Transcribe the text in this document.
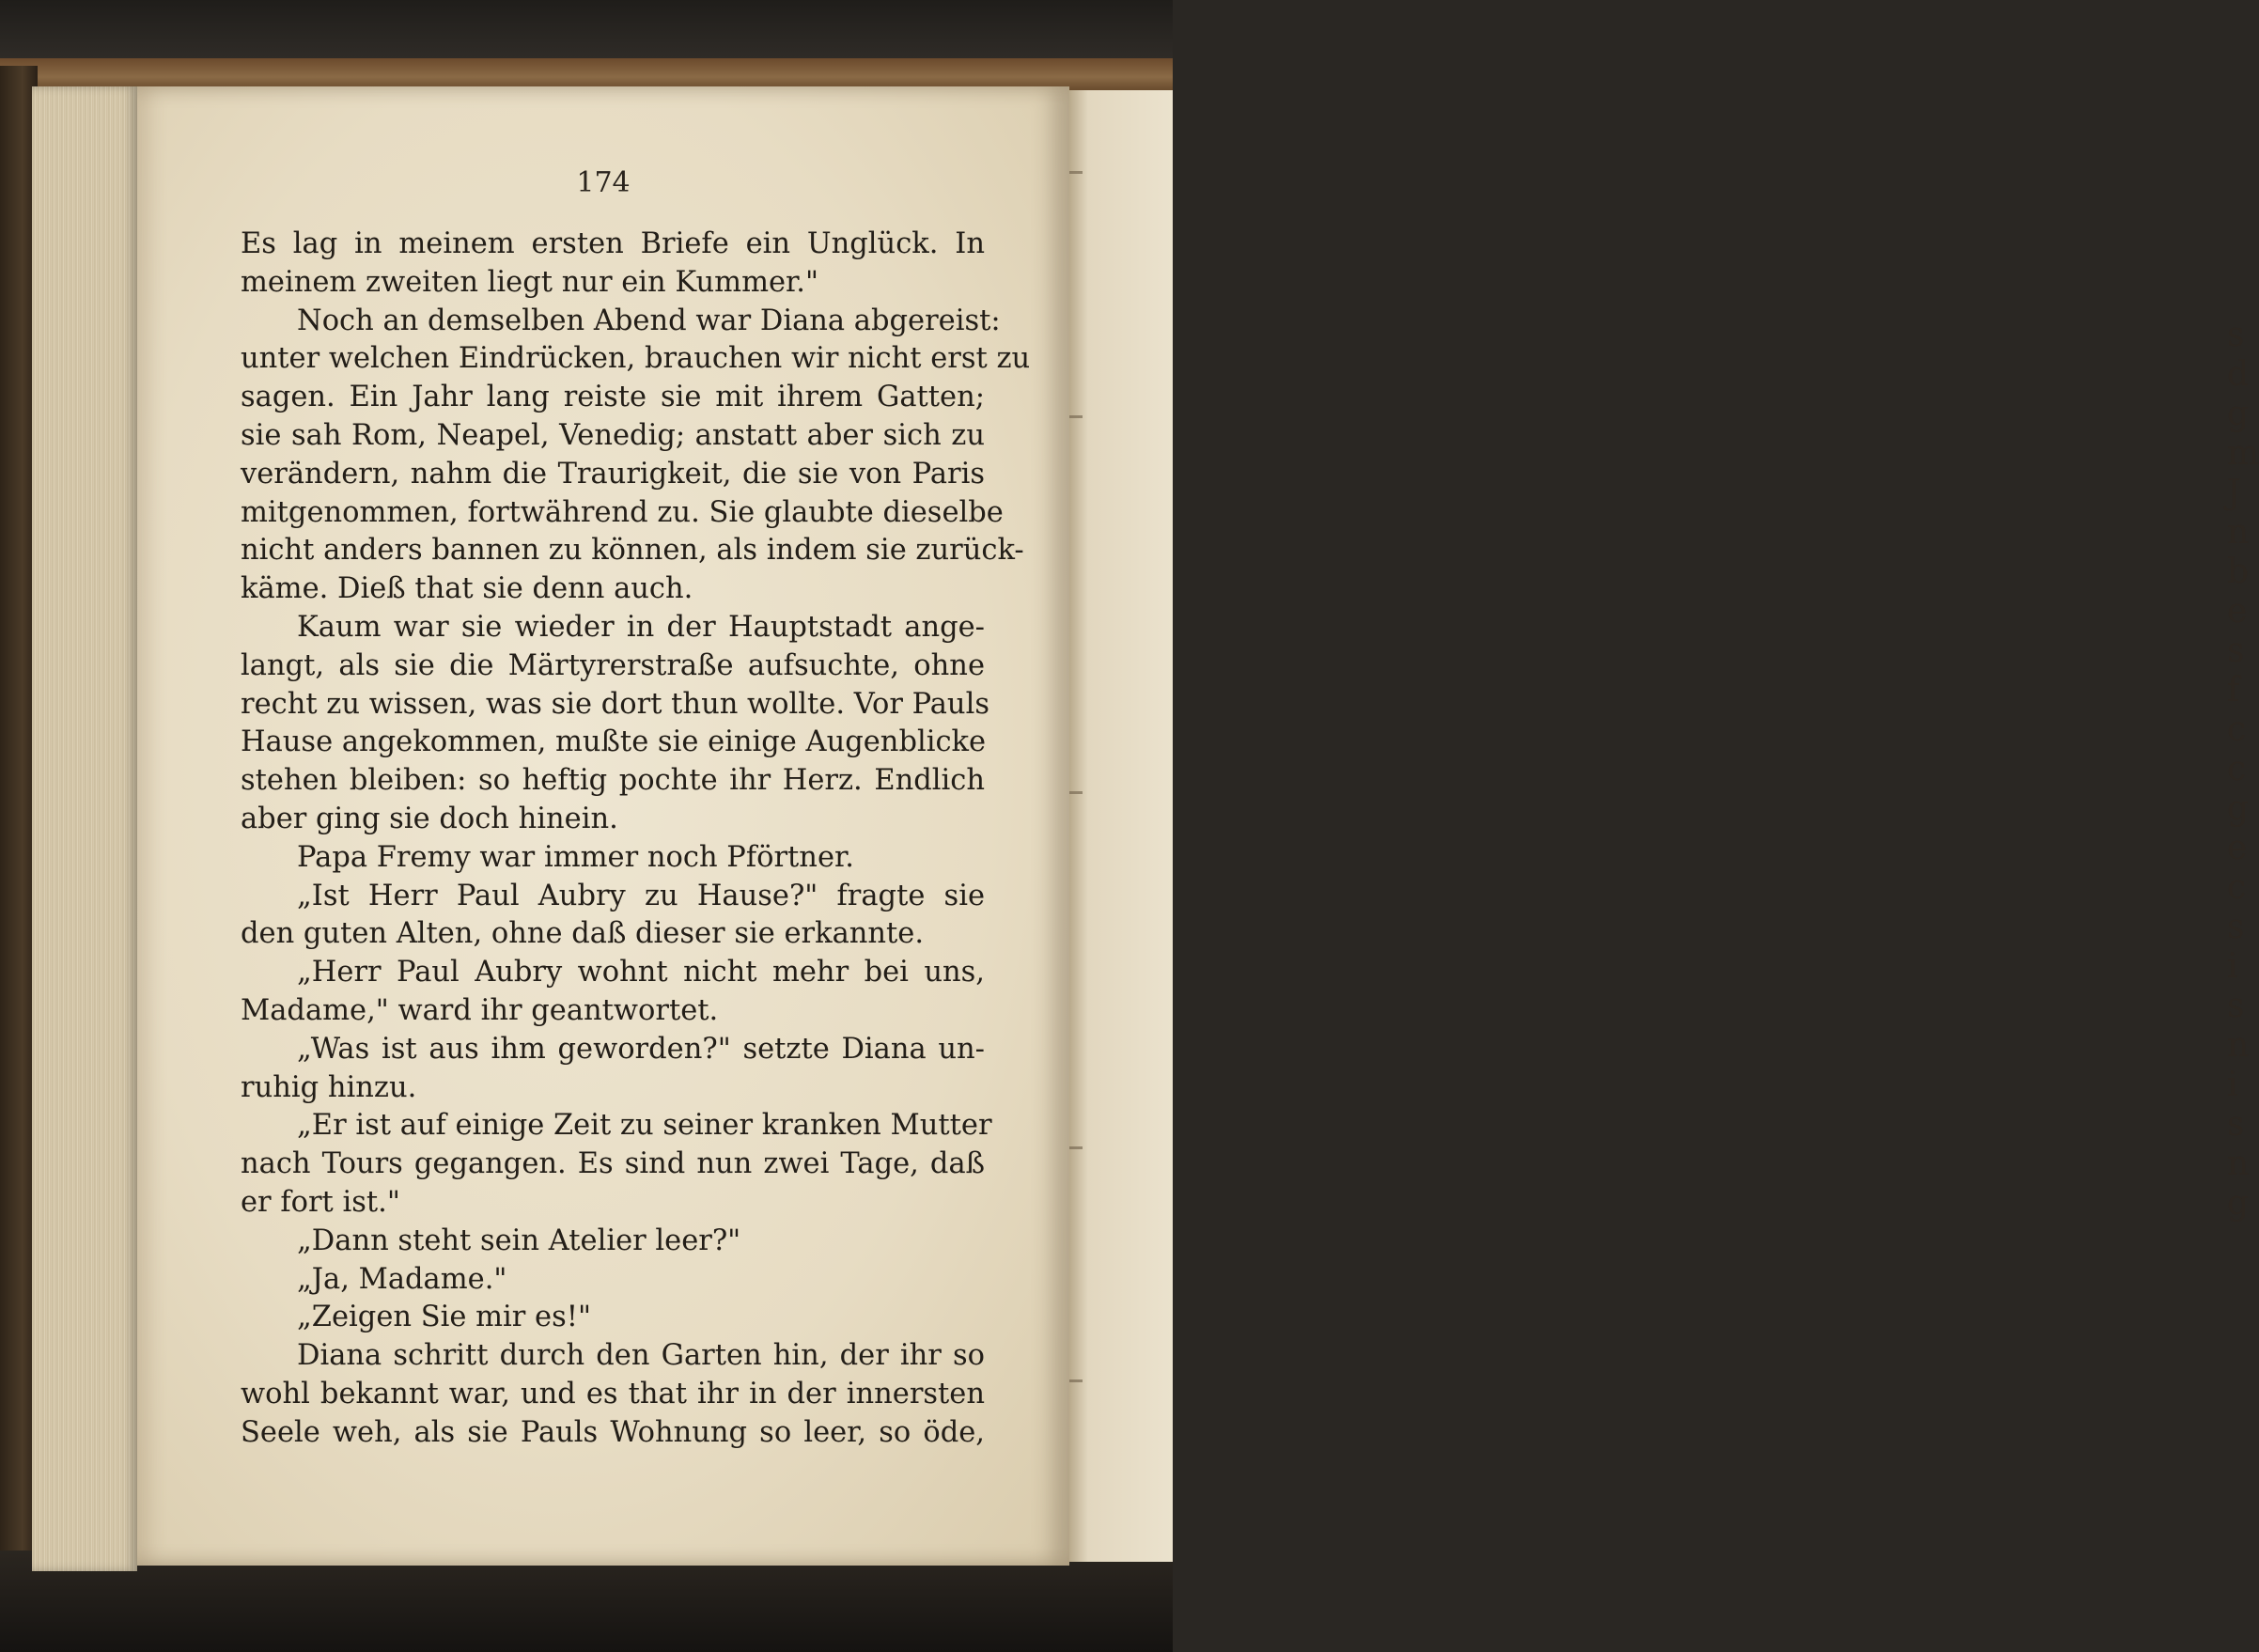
s
d
g
m
J
n
b
e
s
f
c
c
g
e
c
s
i
s
n
i
s
n
g
174
Es lag in meinem ersten Briefe ein Unglück. In
meinem zweiten liegt nur ein Kummer."
Noch an demselben Abend war Diana abgereist:
unter welchen Eindrücken, brauchen wir nicht erst zu
sagen. Ein Jahr lang reiste sie mit ihrem Gatten;
sie sah Rom, Neapel, Venedig; anstatt aber sich zu
verändern, nahm die Traurigkeit, die sie von Paris
mitgenommen, fortwährend zu. Sie glaubte dieselbe
nicht anders bannen zu können, als indem sie zurück-
käme. Dieß that sie denn auch.
Kaum war sie wieder in der Hauptstadt ange-
langt, als sie die Märtyrerstraße aufsuchte, ohne
recht zu wissen, was sie dort thun wollte. Vor Pauls
Hause angekommen, mußte sie einige Augenblicke
stehen bleiben: so heftig pochte ihr Herz. Endlich
aber ging sie doch hinein.
Papa Fremy war immer noch Pförtner.
„Ist Herr Paul Aubry zu Hause?" fragte sie
den guten Alten, ohne daß dieser sie erkannte.
„Herr Paul Aubry wohnt nicht mehr bei uns,
Madame," ward ihr geantwortet.
„Was ist aus ihm geworden?" setzte Diana un-
ruhig hinzu.
„Er ist auf einige Zeit zu seiner kranken Mutter
nach Tours gegangen. Es sind nun zwei Tage, daß
er fort ist."
„Dann steht sein Atelier leer?"
„Ja, Madame."
„Zeigen Sie mir es!"
Diana schritt durch den Garten hin, der ihr so
wohl bekannt war, und es that ihr in der innersten
Seele weh, als sie Pauls Wohnung so leer, so öde,
